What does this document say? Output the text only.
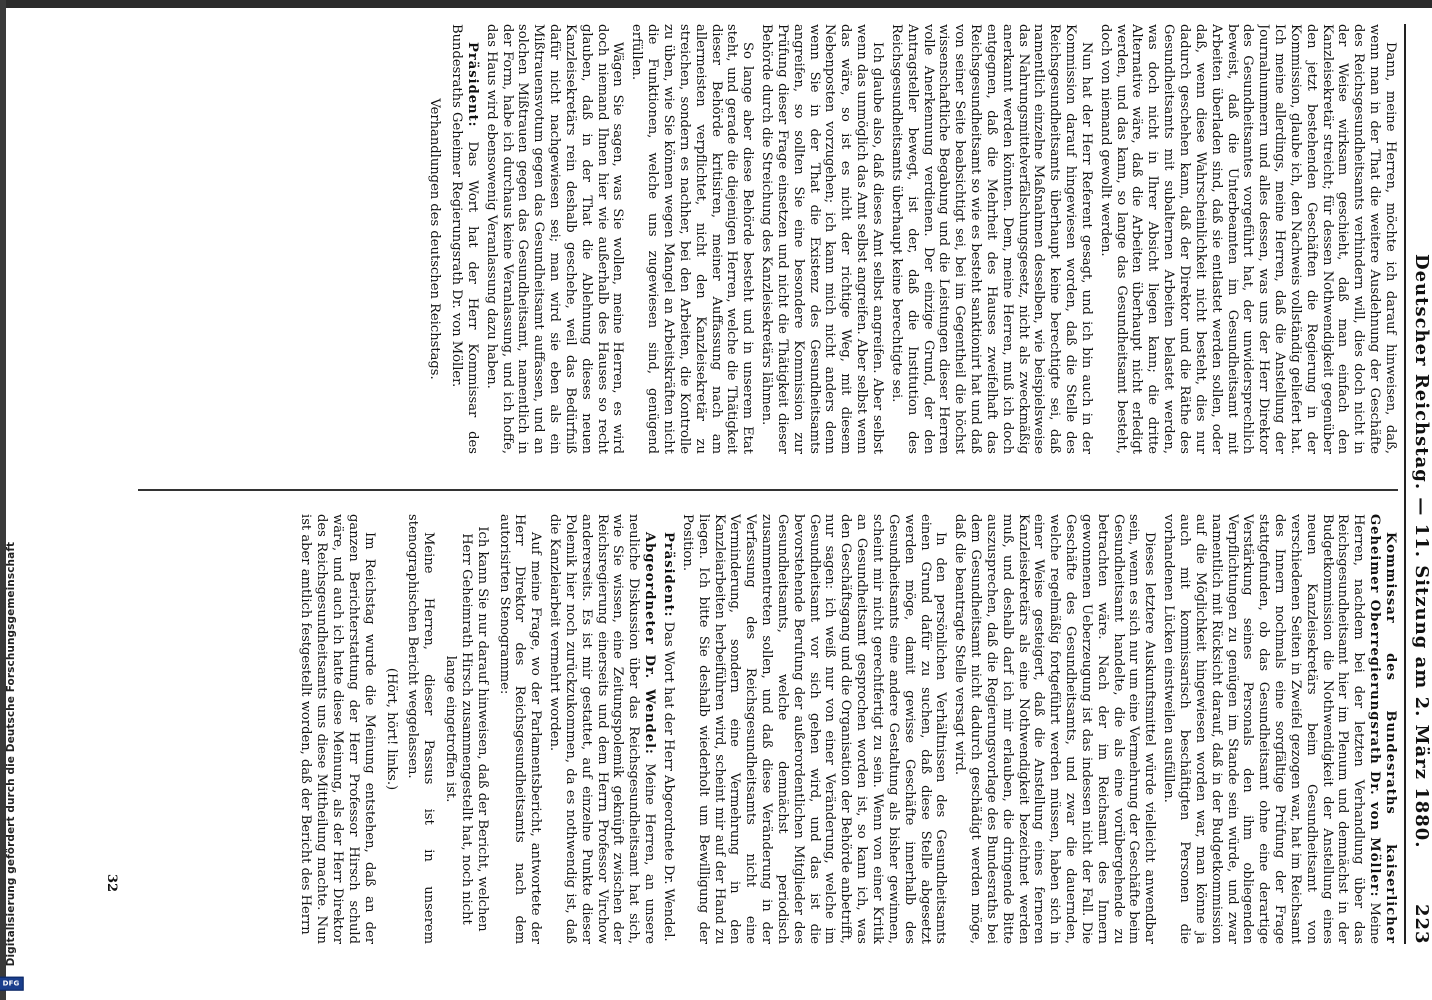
DFG
Digitalisierung gefördert durch die Deutsche Forschungsgemeinschaft	Deutscher Reichstag. — 11. Sitzung am 2. März 1880.
223

Dann, meine Herren, möchte ich darauf hinweisen, daß, wenn man in der That die weitere Ausdehnung der Geschäfte des Reichsgesundheitsamts verhindern will, dies doch nicht in der Weise wirksam geschieht, daß man einfach den Kanzleisekretär streicht; für dessen Nothwendigkeit gegenüber den jetzt bestehenden Geschäften die Regierung in der Kommission, glaube ich, den Nachweis vollständig geliefert hat. Ich meine allerdings, meine Herren, daß die Anstellung der Journalnummern und alles dessen, was uns der Herr Direktor des Gesundheitsamtes vorgeführt hat, der unwidersprechlich beweist, daß die Unterbeamten im Gesundheitsamt mit Arbeiten überladen sind, daß sie entlastet werden sollen, oder daß, wenn diese Wahrscheinlichkeit nicht besteht, dies nur dadurch geschehen kann, daß der Direktor und die Räthe des Gesundheitsamts mit subalternen Arbeiten belastet werden, was doch nicht in Ihrer Absicht liegen kann; die dritte Alternative wäre, daß die Arbeiten überhaupt nicht erledigt werden, und das kann, so lange das Gesundheitsamt besteht, doch von niemand gewollt werden.

Nun hat der Herr Referent gesagt, und ich bin auch in der Kommission darauf hingewiesen worden, daß die Stelle des Reichsgesundheitsamts überhaupt keine berechtigte sei, daß namentlich einzelne Maßnahmen desselben, wie beispielsweise das Nahrungsmittelverfälschungsgesetz, nicht als zweckmäßig anerkannt werden könnten. Dem, meine Herren, muß ich doch entgegnen, daß die Mehrheit des Hauses zweifelhaft das Reichsgesundheitsamt so wie es besteht sanktionirt hat und daß von seiner Seite beabsichtigt sei, bei im Gegentheil die höchst wissenschaftliche Begabung und die Leistungen dieser Herren volle Anerkennung verdienen. Der einzige Grund, der den Antragsteller bewegt, ist der, daß die Institution des Reichsgesundheitsamts überhaupt keine berechtigte sei.

Ich glaube also, daß dieses Amt selbst angreifen. Aber selbst wenn das unmöglich das Amt selbst angreifen. Aber selbst wenn das wäre, so ist es nicht der richtige Weg, mit diesem Nebenposten vorzugehen; ich kann mich nicht anders denn wenn Sie in der That die Existenz des Gesundheitsamts angreifen, so sollten Sie eine besondere Kommission zur Prüfung dieser Frage einsetzen und nicht die Thätigkeit dieser Behörde durch die Streichung des Kanzleisekretärs lähmen.

So lange aber diese Behörde besteht und in unserem Etat steht, und gerade die diejenigen Herren, welche die Thätigkeit dieser Behörde kritisiren, meiner Auffassung nach am allermeisten verpflichtet, nicht den Kanzleisekretär zu streichen, sondern es nachher, bei den Arbeiten, die Kontrolle zu üben, wie Sie können wegen Mangel an Arbeitskräften nicht die Funktionen, welche uns zugewiesen sind, genügend erfüllen.

Wägen Sie sagen, was Sie wollen, meine Herren, es wird doch niemand Ihnen hier wie außerhalb des Hauses so recht glauben, daß in der That die Ablehnung dieses neuen Kanzleisekretärs rein deshalb geschehe, weil das Bedürfniß dafür nicht nachgewiesen sei; man wird sie eben als ein Mißtrauensvotum gegen das Gesundheitsamt auffassen, und an solchen Mißtrauen gegen das Gesundheitsamt, namentlich in der Form, habe ich durchaus keine Veranlassung, und ich hoffe, das Haus wird ebensowenig Veranlassung dazu haben.

Präsident: Das Wort hat der Herr Kommissar des Bundesraths Geheimer Regierungsrath Dr. von Möller.

Verhandlungen des deutschen Reichstags.

Kommissar des Bundesraths kaiserlicher Geheimer Oberregierungsrath Dr. von Möller: Meine Herren, nachdem bei der letzten Verhandlung über das Reichsgesundheitsamt hier im Plenum und demnächst in der Budgetkommission die Nothwendigkeit der Anstellung eines neuen Kanzleisekretärs beim Gesundheitsamt von verschiedenen Seiten in Zweifel gezogen war, hat im Reichsamt des Innern nochmals eine sorgfältige Prüfung der Frage stattgefunden, ob das Gesundheitsamt ohne eine derartige Verstärkung seines Personals den ihm obliegenden Verpflichtungen zu genügen im Stande sein würde, und zwar namentlich mit Rücksicht darauf, daß in der Budgetkommission auf die Möglichkeit hingewiesen worden war, man könne ja auch mit kommissarisch beschäftigten Personen die vorhandenen Lücken einstweilen ausfüllen.

Dieses letztere Auskunftsmittel würde vielleicht anwendbar sein, wenn es sich nur um eine Vermehrung der Geschäfte beim Gesundheitsamt handelte, die als eine vorübergehende zu betrachten wäre. Nach der im Reichsamt des Innern gewonnenen Ueberzeugung ist das indessen nicht der Fall. Die Geschäfte des Gesundheitsamts, und zwar die dauernden, welche regelmäßig fortgeführt werden müssen, haben sich in einer Weise gesteigert, daß die Anstellung eines ferneren Kanzleisekretärs als eine Nothwendigkeit bezeichnet werden muß, und deshalb darf ich mir erlauben, die dringende Bitte auszusprechen, daß die Regierungsvorlage des Bundesraths bei dem Gesundheitsamt nicht dadurch geschädigt werden möge, daß die beantragte Stelle versagt wird.

In den persönlichen Verhältnissen des Gesundheitsamts einen Grund dafür zu suchen, daß diese Stelle abgesetzt werden möge, damit gewisse Geschäfte innerhalb des Gesundheitsamts eine andere Gestaltung als bisher gewinnen, scheint mir nicht gerechtfertigt zu sein. Wenn von einer Kritik an Gesundheitsamt gesprochen worden ist, so kann ich, was den Geschäftsgang und die Organisation der Behörde anbetrifft, nur sagen: ich weiß nur von einer Veränderung, welche im Gesundheitsamt vor sich gehen wird, und das ist die bevorstehende Berufung der außerordentlichen Mitglieder des Gesundheitsamts, welche demnächst periodisch zusammentreten sollen, und daß diese Veränderung in der Verfassung des Reichsgesundheitsamts nicht eine Verminderung, sondern eine Vermehrung in den Kanzleiarbeiten herbeiführen wird, scheint mir auf der Hand zu liegen. Ich bitte Sie deshalb wiederholt um Bewilligung der Position.

Präsident: Das Wort hat der Herr Abgeordnete Dr. Wendel.

Abgeordneter Dr. Wendel: Meine Herren, an unsere neuliche Diskussion über das Reichsgesundheitsamt hat sich, wie Sie wissen, eine Zeitungspolemik geknüpft zwischen der Reichsregierung einerseits und dem Herrn Professor Virchow andererseits. Es ist mir gestattet, auf einzelne Punkte dieser Polemik hier noch zurückzukommen, da es nothwendig ist, daß die Kanzleiarbeit vermehrt worden.

Auf meine Frage, wo der Parlamentsbericht, antwortete der Herr Direktor des Reichsgesundheitsamts nach dem autorisirten Stenogramme:

Ich kann Sie nur darauf hinweisen, daß der Bericht, welchen Herr Geheimrath Hirsch zusammengestellt hat, noch nicht lange eingetroffen ist.

Meine Herren, dieser Passus ist in unserem stenographischen Bericht weggelassen.

(Hört, hört! links.)

Im Reichstag wurde die Meinung entstehen, daß an der ganzen Berichterstattung der Herr Professor Hirsch schuld wäre, und auch ich hatte diese Meinung, als der Herr Direktor des Reichsgesundheitsamts uns diese Mittheilung machte. Nun ist aber amtlich festgestellt worden, daß der Bericht des Herrn

32
